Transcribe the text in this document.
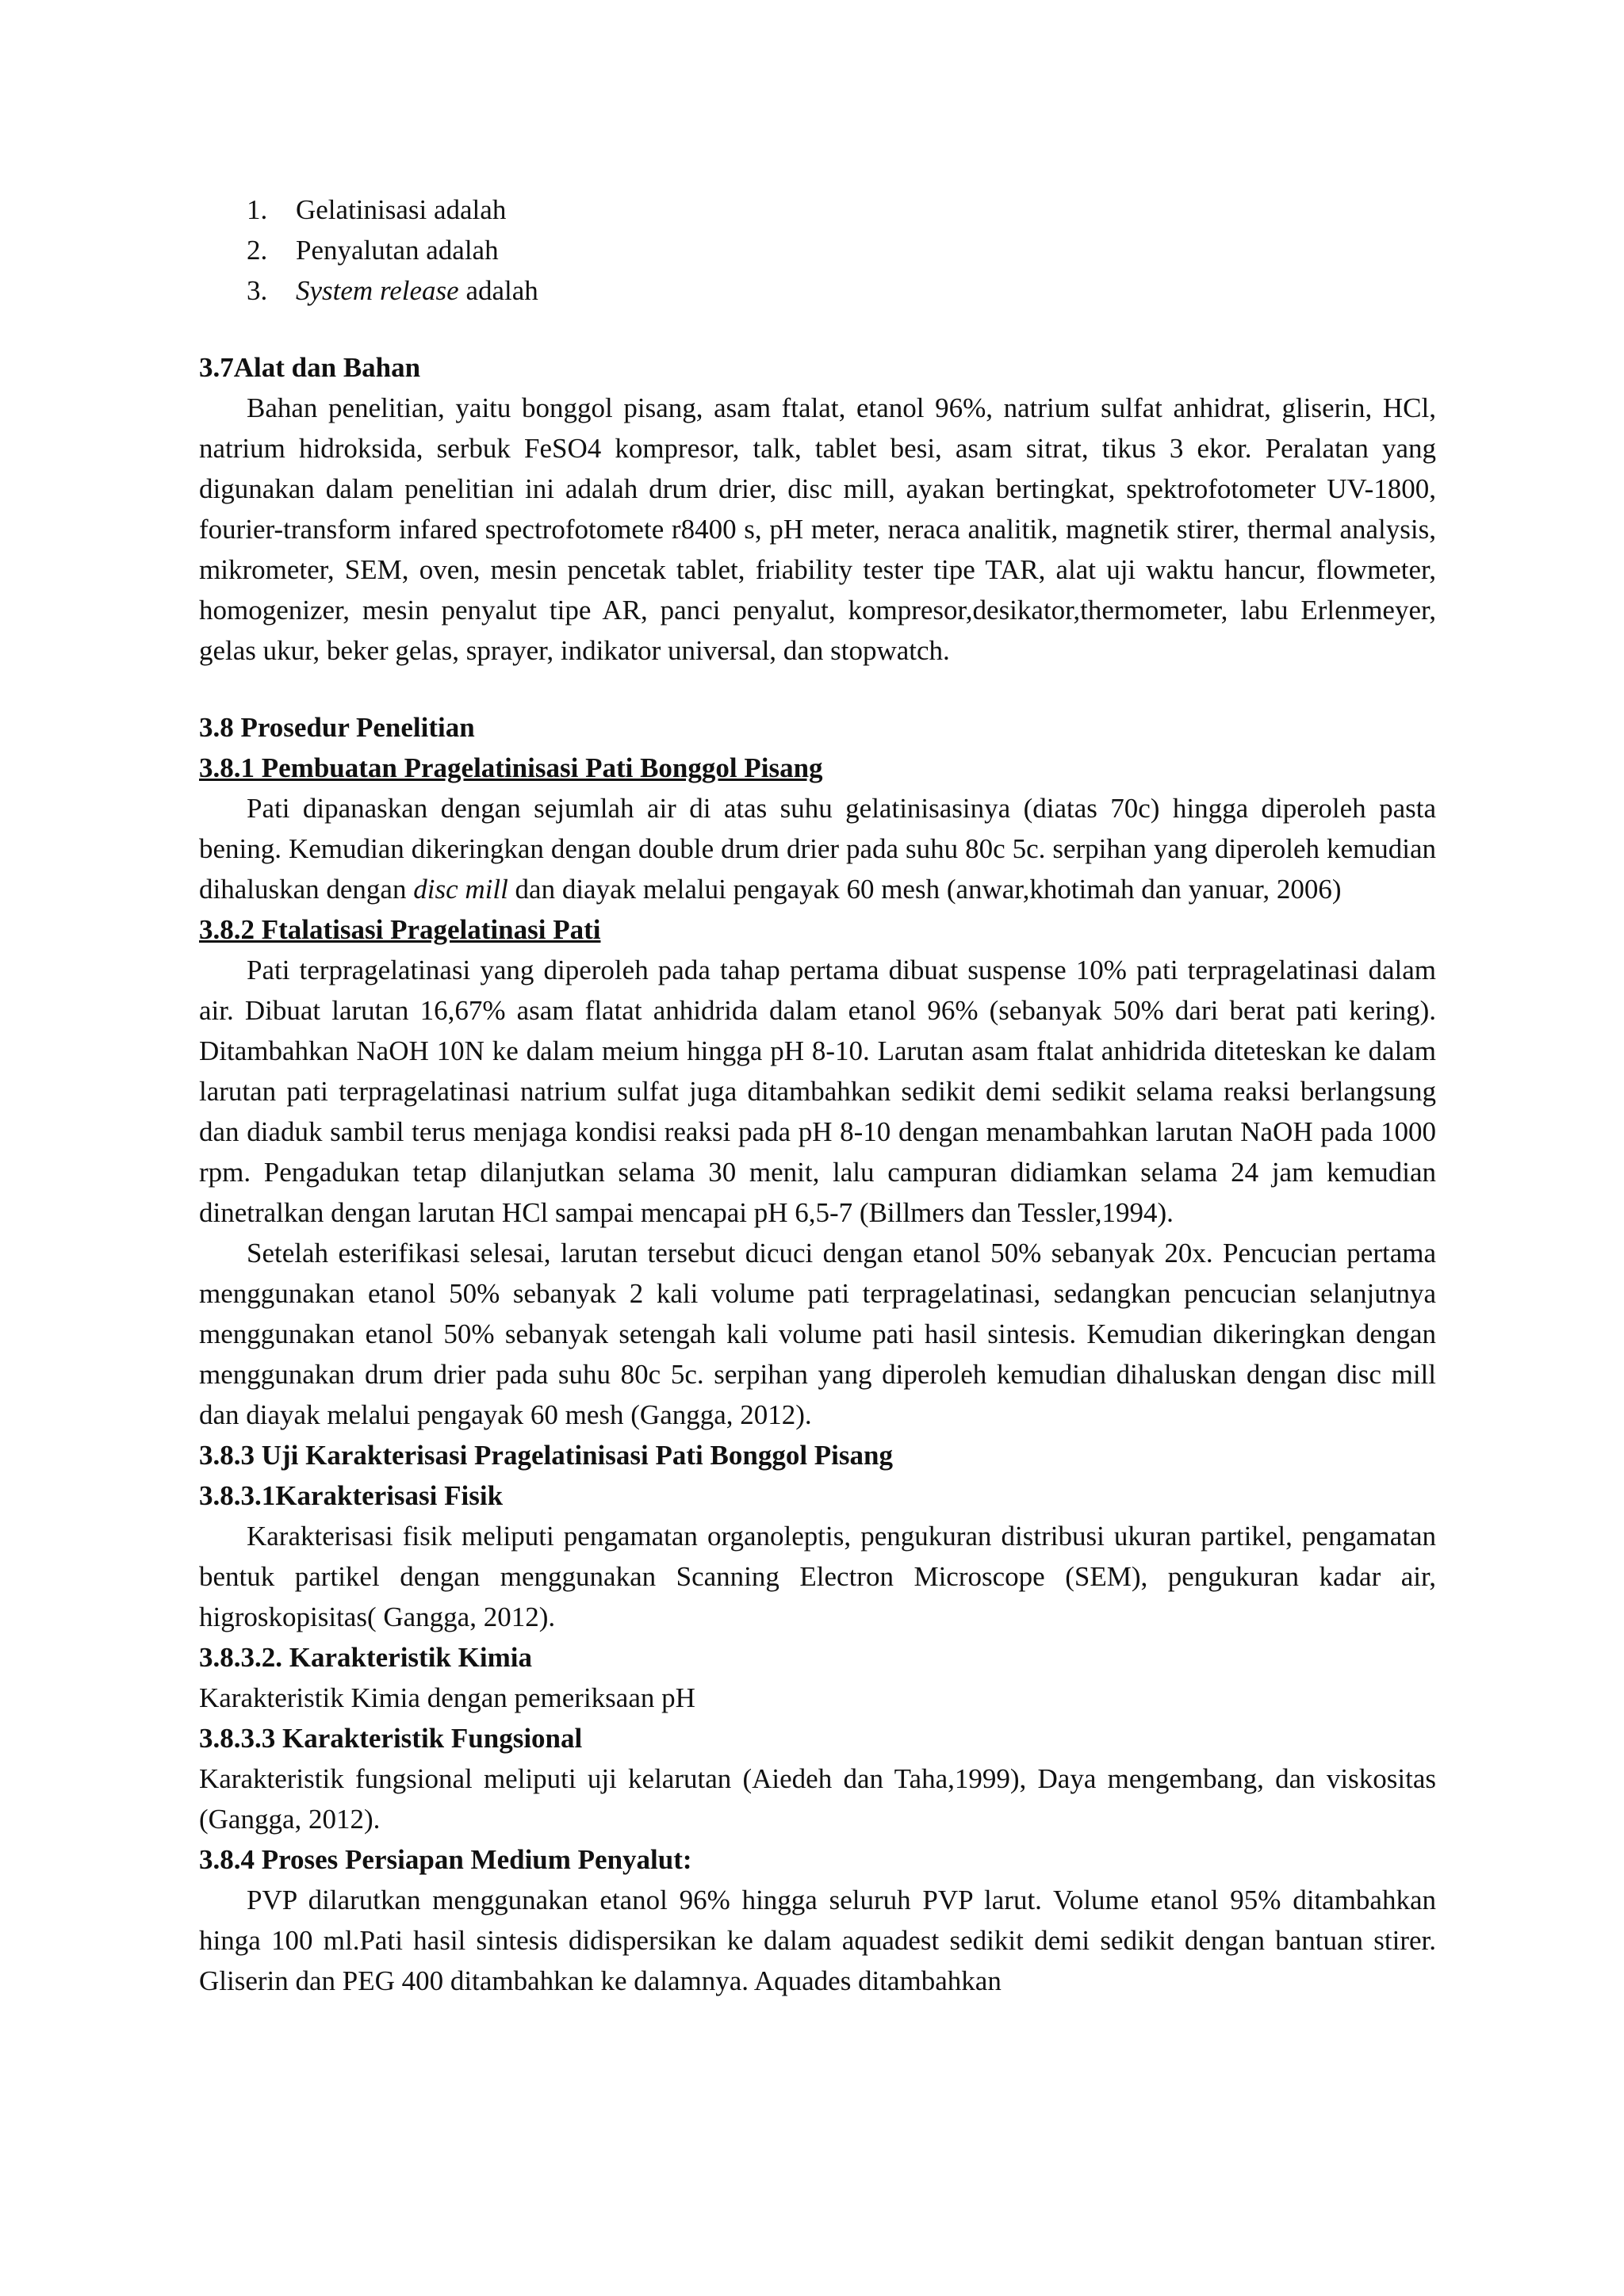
1.	Gelatinisasi adalah
2.	Penyalutan adalah
3.	System release adalah

3.7Alat dan Bahan

Bahan penelitian, yaitu bonggol pisang, asam ftalat, etanol 96%, natrium sulfat anhidrat, gliserin, HCl, natrium hidroksida, serbuk FeSO4 kompresor, talk, tablet besi, asam sitrat, tikus 3 ekor. Peralatan yang digunakan dalam penelitian ini adalah drum drier, disc mill, ayakan bertingkat, spektrofotometer UV-1800, fourier-transform infared spectrofotomete r8400 s, pH meter, neraca analitik, magnetik stirer, thermal analysis, mikrometer, SEM, oven, mesin pencetak tablet, friability tester tipe TAR, alat uji waktu hancur, flowmeter, homogenizer, mesin penyalut tipe AR, panci penyalut, kompresor,desikator,thermometer, labu Erlenmeyer, gelas ukur, beker gelas, sprayer, indikator universal, dan stopwatch.

3.8 Prosedur Penelitian

3.8.1 Pembuatan Pragelatinisasi Pati Bonggol Pisang

Pati dipanaskan dengan sejumlah air di atas suhu gelatinisasinya (diatas 70c) hingga diperoleh pasta bening. Kemudian dikeringkan dengan double drum drier pada suhu 80c 5c. serpihan yang diperoleh kemudian dihaluskan dengan disc mill dan diayak melalui pengayak 60 mesh (anwar,khotimah dan yanuar, 2006)

3.8.2 Ftalatisasi Pragelatinasi Pati

Pati terpragelatinasi yang diperoleh pada tahap pertama dibuat suspense 10% pati terpragelatinasi dalam air. Dibuat larutan 16,67% asam flatat anhidrida dalam etanol 96% (sebanyak 50% dari berat pati kering). Ditambahkan NaOH 10N ke dalam meium hingga pH 8-10. Larutan asam ftalat anhidrida diteteskan ke dalam larutan pati terpragelatinasi natrium sulfat juga ditambahkan sedikit demi sedikit selama reaksi berlangsung dan diaduk sambil terus menjaga kondisi reaksi pada pH 8-10 dengan menambahkan larutan NaOH pada 1000 rpm. Pengadukan tetap dilanjutkan selama 30 menit, lalu campuran didiamkan selama 24 jam kemudian dinetralkan dengan larutan HCl sampai mencapai pH 6,5-7 (Billmers dan Tessler,1994).

Setelah esterifikasi selesai, larutan tersebut dicuci dengan etanol 50% sebanyak 20x. Pencucian pertama menggunakan etanol 50% sebanyak 2 kali volume pati terpragelatinasi, sedangkan pencucian selanjutnya menggunakan etanol 50% sebanyak setengah kali volume pati hasil sintesis. Kemudian dikeringkan dengan menggunakan drum drier pada suhu 80c 5c. serpihan yang diperoleh kemudian dihaluskan dengan disc mill dan diayak melalui pengayak 60 mesh (Gangga, 2012).

3.8.3 Uji Karakterisasi Pragelatinisasi Pati Bonggol Pisang

3.8.3.1Karakterisasi Fisik

Karakterisasi fisik meliputi pengamatan organoleptis, pengukuran distribusi ukuran partikel, pengamatan bentuk partikel dengan menggunakan Scanning Electron Microscope (SEM), pengukuran kadar air, higroskopisitas( Gangga, 2012).

3.8.3.2. Karakteristik Kimia

Karakteristik Kimia dengan pemeriksaan pH

3.8.3.3 Karakteristik Fungsional

Karakteristik fungsional meliputi uji kelarutan (Aiedeh dan Taha,1999), Daya mengembang, dan viskositas (Gangga, 2012).

3.8.4 Proses Persiapan Medium Penyalut:

PVP dilarutkan menggunakan etanol 96% hingga seluruh PVP larut. Volume etanol 95% ditambahkan hinga 100 ml.Pati hasil sintesis didispersikan ke dalam aquadest sedikit demi sedikit dengan bantuan stirer. Gliserin dan PEG 400 ditambahkan ke dalamnya. Aquades ditambahkan
